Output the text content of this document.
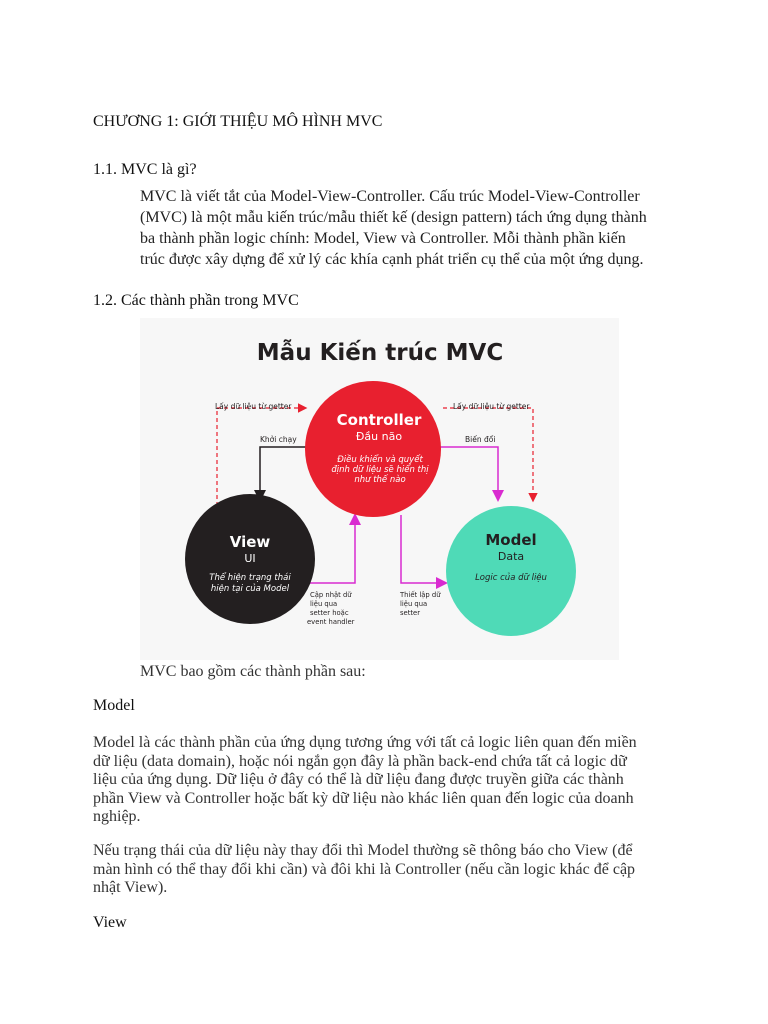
CHƯƠNG 1: GIỚI THIỆU MÔ HÌNH MVC

1.1. MVC là gì?

MVC là viết tắt của Model-View-Controller. Cấu trúc Model-View-Controller
(MVC) là một mẫu kiến trúc/mẫu thiết kế (design pattern) tách ứng dụng thành
ba thành phần logic chính: Model, View và Controller. Mỗi thành phần kiến
trúc được xây dựng để xử lý các khía cạnh phát triển cụ thể của một ứng dụng.

1.2. Các thành phần trong MVC

Mẫu Kiến trúc MVC
Controller
Đầu não
Điều khiển và quyết
định dữ liệu sẽ hiển thị
như thế nào
View
UI
Thể hiện trạng thái
hiện tại của Model
Model
Data
Logic của dữ liệu
Lấy dữ liệu từ getter	Lấy dữ liệu từ getter
Khởi chạy	Biến đổi
Cập nhật dữ
liệu qua
setter hoặc
event handler
Thiết lập dữ
liệu qua
setter

MVC bao gồm các thành phần sau:

Model

Model là các thành phần của ứng dụng tương ứng với tất cả logic liên quan đến miền
dữ liệu (data domain), hoặc nói ngắn gọn đây là phần back-end chứa tất cả logic dữ
liệu của ứng dụng. Dữ liệu ở đây có thể là dữ liệu đang được truyền giữa các thành
phần View và Controller hoặc bất kỳ dữ liệu nào khác liên quan đến logic của doanh
nghiệp.
Nếu trạng thái của dữ liệu này thay đổi thì Model thường sẽ thông báo cho View (để
màn hình có thể thay đổi khi cần) và đôi khi là Controller (nếu cần logic khác để cập
nhật View).

View
